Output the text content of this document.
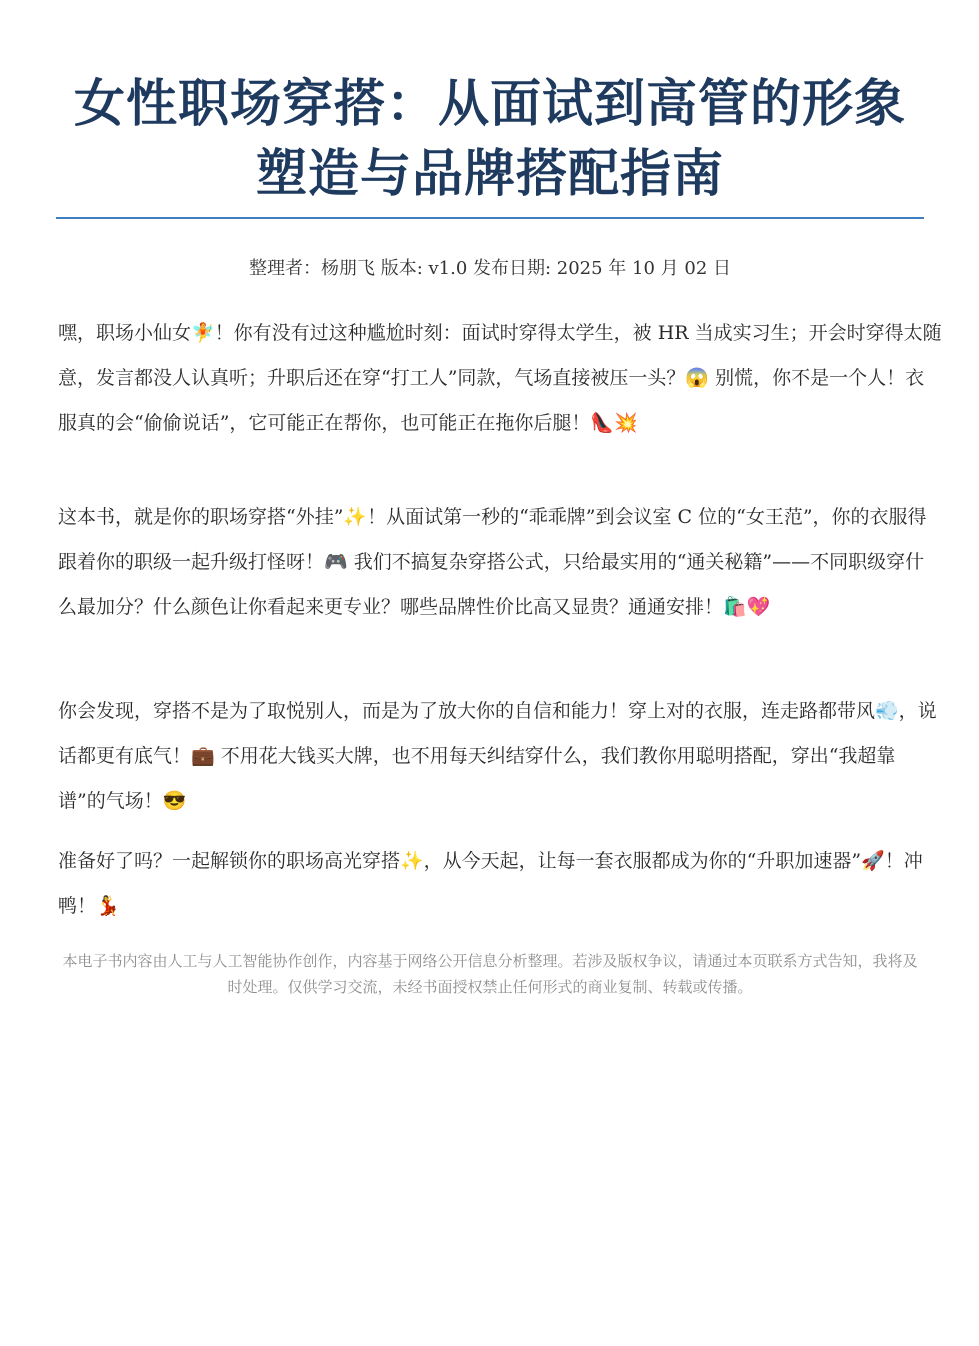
女性职场穿搭：从面试到高管的形象塑造与品牌搭配指南
整理者：杨朋飞 版本: v1.0 发布日期: 2025 年 10 月 02 日

嘿，职场小仙女🧚！你有没有过这种尴尬时刻：面试时穿得太学生，被 HR 当成实习生；开会时穿得太随意，发言都没人认真听；升职后还在穿“打工人”同款，气场直接被压一头？😱 别慌，你不是一个人！衣服真的会“偷偷说话”，它可能正在帮你，也可能正在拖你后腿！👠💥

这本书，就是你的职场穿搭“外挂”✨！从面试第一秒的“乖乖牌”到会议室 C 位的“女王范”，你的衣服得跟着你的职级一起升级打怪呀！🎮 我们不搞复杂穿搭公式，只给最实用的“通关秘籍”——不同职级穿什么最加分？什么颜色让你看起来更专业？哪些品牌性价比高又显贵？通通安排！🛍️💖

你会发现，穿搭不是为了取悦别人，而是为了放大你的自信和能力！穿上对的衣服，连走路都带风💨，说话都更有底气！💼 不用花大钱买大牌，也不用每天纠结穿什么，我们教你用聪明搭配，穿出“我超靠谱”的气场！😎

准备好了吗？一起解锁你的职场高光穿搭✨，从今天起，让每一套衣服都成为你的“升职加速器”🚀！冲鸭！💃

本电子书内容由人工与人工智能协作创作，内容基于网络公开信息分析整理。若涉及版权争议，请通过本页联系方式告知，我将及时处理。仅供学习交流，未经书面授权禁止任何形式的商业复制、转载或传播。
